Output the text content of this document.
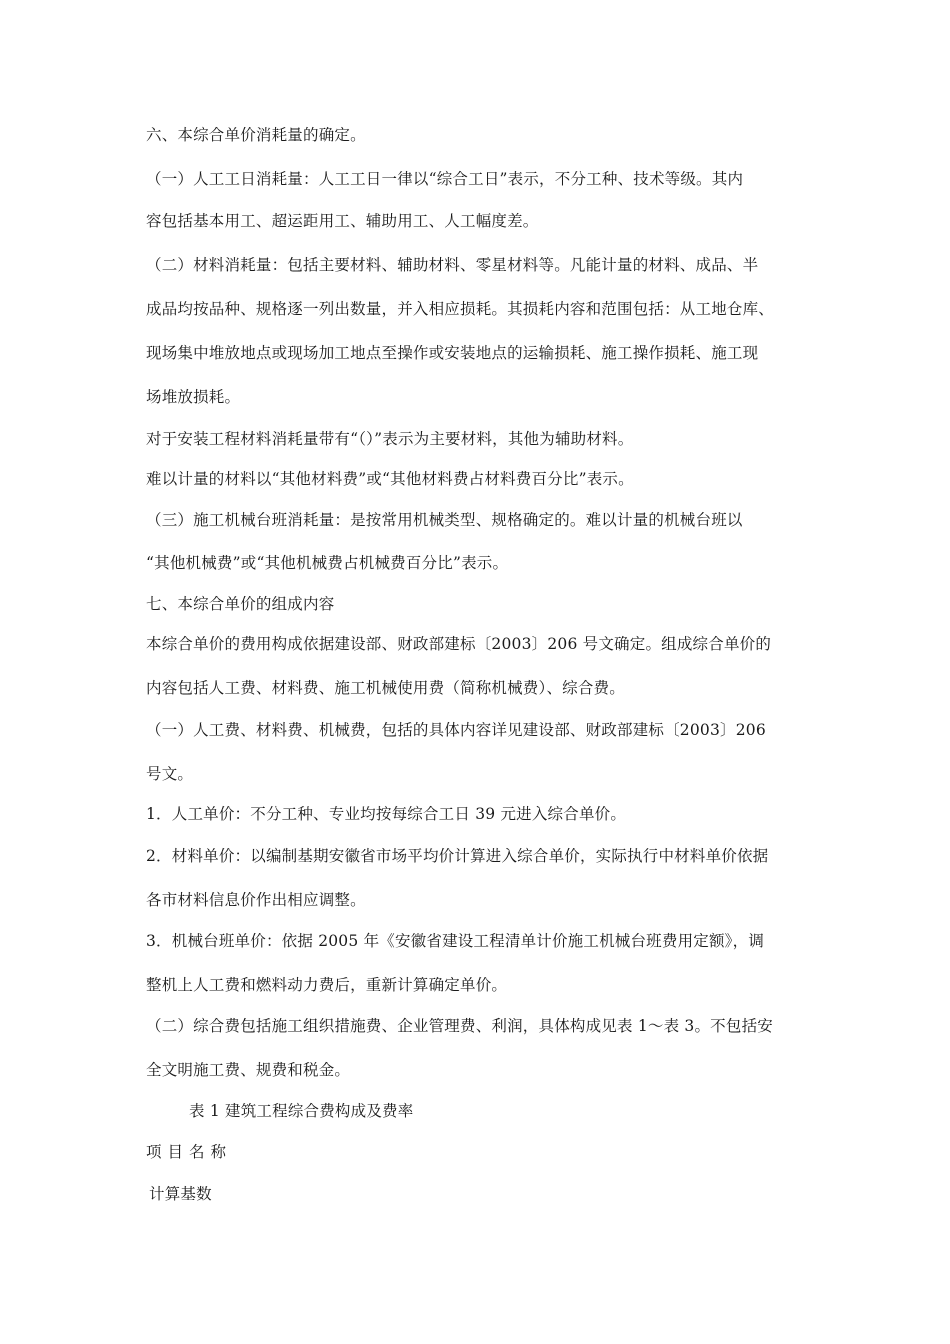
六、本综合单价消耗量的确定。
（一）人工工日消耗量：人工工日一律以“综合工日”表示，不分工种、技术等级。其内
容包括基本用工、超运距用工、辅助用工、人工幅度差。
（二）材料消耗量：包括主要材料、辅助材料、零星材料等。凡能计量的材料、成品、半
成品均按品种、规格逐一列出数量，并入相应损耗。其损耗内容和范围包括：从工地仓库、
现场集中堆放地点或现场加工地点至操作或安装地点的运输损耗、施工操作损耗、施工现
场堆放损耗。
对于安装工程材料消耗量带有“（）”表示为主要材料，其他为辅助材料。
难以计量的材料以“其他材料费”或“其他材料费占材料费百分比”表示。
（三）施工机械台班消耗量：是按常用机械类型、规格确定的。难以计量的机械台班以
“其他机械费”或“其他机械费占机械费百分比”表示。
七、本综合单价的组成内容
本综合单价的费用构成依据建设部、财政部建标〔2003〕206 号文确定。组成综合单价的
内容包括人工费、材料费、施工机械使用费（简称机械费）、综合费。
（一）人工费、材料费、机械费，包括的具体内容详见建设部、财政部建标〔2003〕206
号文。
1．人工单价：不分工种、专业均按每综合工日 39 元进入综合单价。
2．材料单价：以编制基期安徽省市场平均价计算进入综合单价，实际执行中材料单价依据
各市材料信息价作出相应调整。
3．机械台班单价：依据 2005 年《安徽省建设工程清单计价施工机械台班费用定额》，调
整机上人工费和燃料动力费后，重新计算确定单价。
（二）综合费包括施工组织措施费、企业管理费、利润，具体构成见表 1～表 3。不包括安
全文明施工费、规费和税金。
表 1 建筑工程综合费构成及费率
项目名称
计算基数
